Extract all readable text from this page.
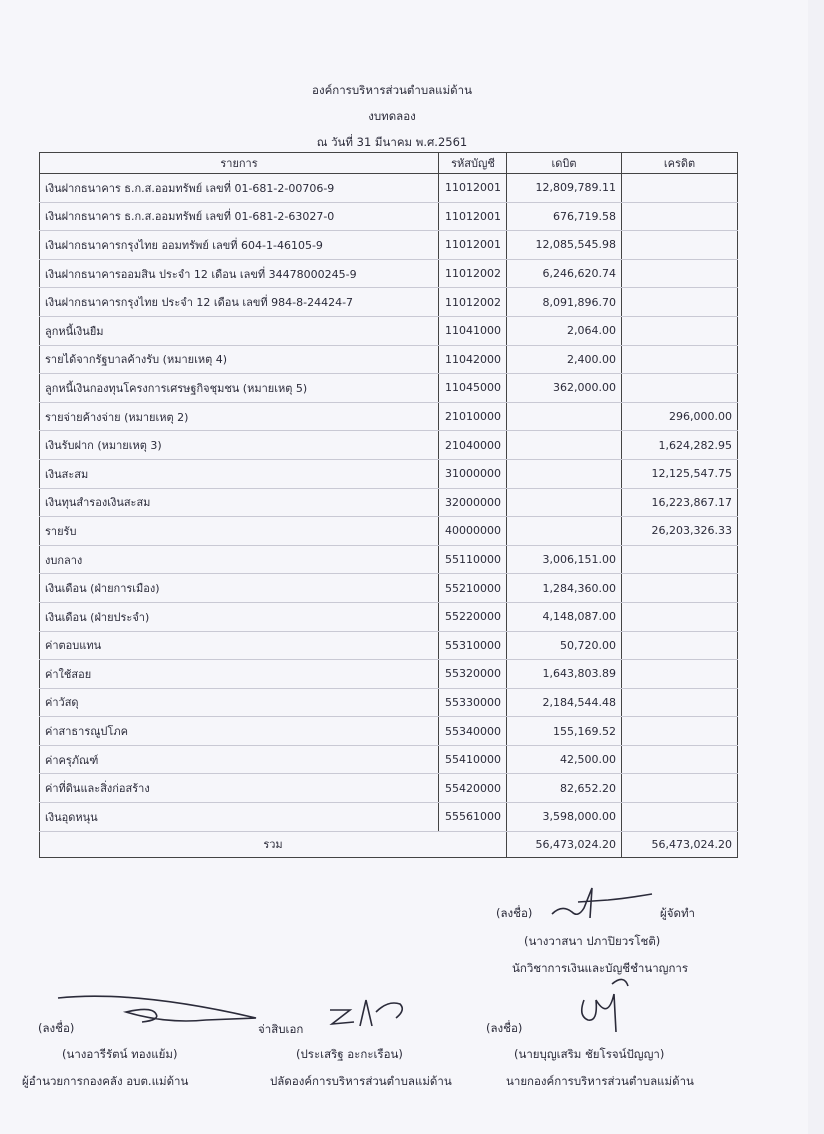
องค์การบริหารส่วนตำบลแม่ด้าน
งบทดลอง
ณ วันที่ 31 มีนาคม พ.ศ.2561
รายการ	รหัสบัญชี	เดบิต	เครดิต
เงินฝากธนาคาร ธ.ก.ส.ออมทรัพย์ เลขที่ 01-681-2-00706-9	11012001	12,809,789.11	
เงินฝากธนาคาร ธ.ก.ส.ออมทรัพย์ เลขที่ 01-681-2-63027-0	11012001	676,719.58	
เงินฝากธนาคารกรุงไทย ออมทรัพย์ เลขที่ 604-1-46105-9	11012001	12,085,545.98	
เงินฝากธนาคารออมสิน ประจำ 12 เดือน เลขที่ 34478000245-9	11012002	6,246,620.74	
เงินฝากธนาคารกรุงไทย ประจำ 12 เดือน เลขที่ 984-8-24424-7	11012002	8,091,896.70	
ลูกหนี้เงินยืม	11041000	2,064.00	
รายได้จากรัฐบาลค้างรับ (หมายเหตุ 4)	11042000	2,400.00	
ลูกหนี้เงินกองทุนโครงการเศรษฐกิจชุมชน (หมายเหตุ 5)	11045000	362,000.00	
รายจ่ายค้างจ่าย (หมายเหตุ 2)	21010000		296,000.00
เงินรับฝาก (หมายเหตุ 3)	21040000		1,624,282.95
เงินสะสม	31000000		12,125,547.75
เงินทุนสำรองเงินสะสม	32000000		16,223,867.17
รายรับ	40000000		26,203,326.33
งบกลาง	55110000	3,006,151.00	
เงินเดือน (ฝ่ายการเมือง)	55210000	1,284,360.00	
เงินเดือน (ฝ่ายประจำ)	55220000	4,148,087.00	
ค่าตอบแทน	55310000	50,720.00	
ค่าใช้สอย	55320000	1,643,803.89	
ค่าวัสดุ	55330000	2,184,544.48	
ค่าสาธารณูปโภค	55340000	155,169.52	
ค่าครุภัณฑ์	55410000	42,500.00	
ค่าที่ดินและสิ่งก่อสร้าง	55420000	82,652.20	
เงินอุดหนุน	55561000	3,598,000.00	
รวม		56,473,024.20	56,473,024.20
(ลงชื่อ)	ผู้จัดทำ
(นางวาสนา ปภาปิยวรโชติ)
นักวิชาการเงินและบัญชีชำนาญการ
(ลงชื่อ)
(นางอารีรัตน์ ทองแย้ม)
ผู้อำนวยการกองคลัง อบต.แม่ด้าน
จ่าสิบเอก
(ประเสริฐ อะกะเรือน)
ปลัดองค์การบริหารส่วนตำบลแม่ด้าน
(ลงชื่อ)
(นายบุญเสริม ชัยโรจน์ปัญญา)
นายกองค์การบริหารส่วนตำบลแม่ด้าน
